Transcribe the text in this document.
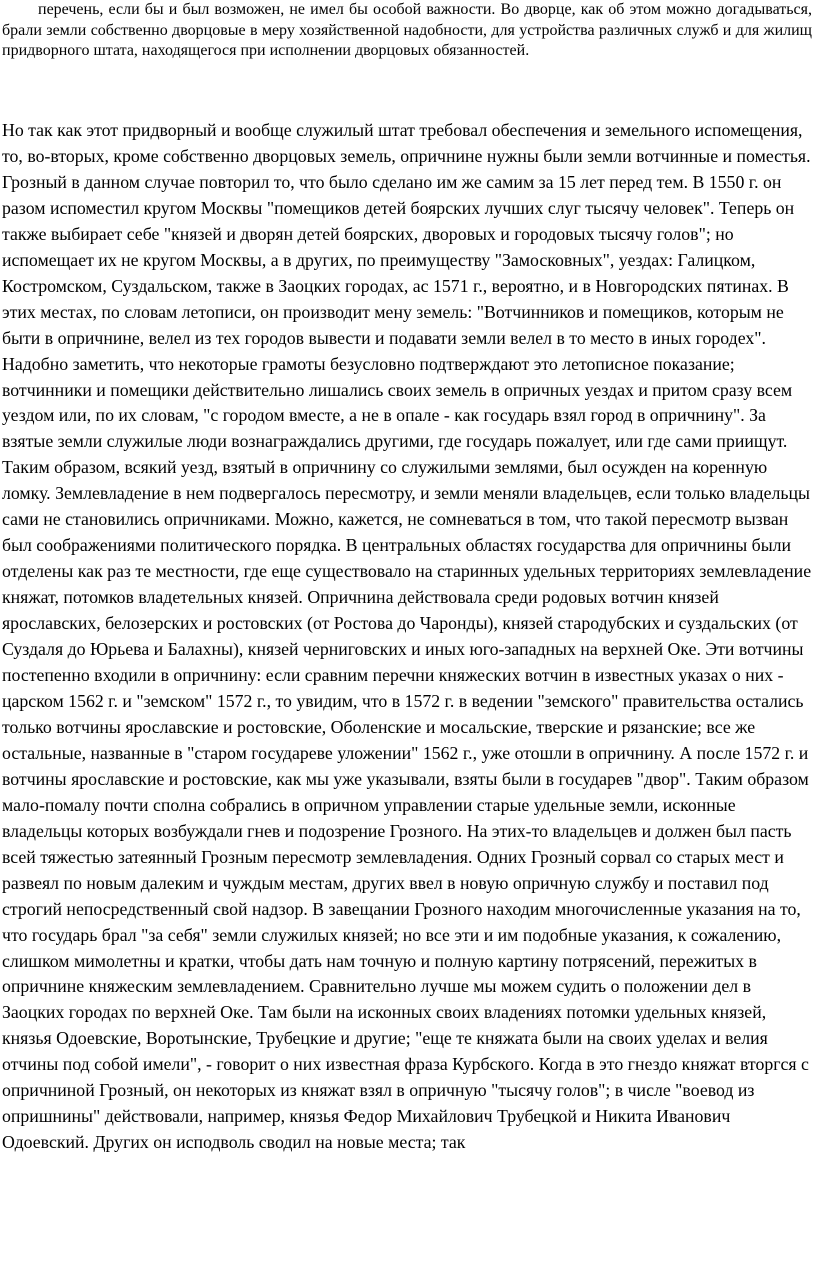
перечень, если бы и был возможен, не имел бы особой важности. Во дворце, как об этом можно догадываться, брали земли собственно дворцовые в меру хозяйственной надобности, для устройства различных служб и для жилищ придворного штата, находящегося при исполнении дворцовых обязанностей.

Но так как этот придворный и вообще служилый штат требовал обеспечения и земельного испомещения, то, во-вторых, кроме собственно дворцовых земель, опричнине нужны были земли вотчинные и поместья. Грозный в данном случае повторил то, что было сделано им же самим за 15 лет перед тем. В 1550 г. он разом испоместил кругом Москвы "помещиков детей боярских лучших слуг тысячу человек". Теперь он также выбирает себе "князей и дворян детей боярских, дворовых и городовых тысячу голов"; но испомещает их не кругом Москвы, а в других, по преимуществу "Замосковных", уездах: Галицком, Костромском, Суздальском, также в Заоцких городах, ас 1571 г., вероятно, и в Новгородских пятинах. В этих местах, по словам летописи, он производит мену земель: "Вотчинников и помещиков, которым не быти в опричнине, велел из тех городов вывести и подавати земли велел в то место в иных городех". Надобно заметить, что некоторые грамоты безусловно подтверждают это летописное показание; вотчинники и помещики действительно лишались своих земель в опричных уездах и притом сразу всем уездом или, по их словам, "с городом вместе, а не в опале - как государь взял город в опричнину". За взятые земли служилые люди вознаграждались другими, где государь пожалует, или где сами приищут. Таким образом, всякий уезд, взятый в опричнину со служилыми землями, был осужден на коренную ломку. Землевладение в нем подвергалось пересмотру, и земли меняли владельцев, если только владельцы сами не становились опричниками. Можно, кажется, не сомневаться в том, что такой пересмотр вызван был соображениями политического порядка. В центральных областях государства для опричнины были отделены как раз те местности, где еще существовало на старинных удельных территориях землевладение княжат, потомков владетельных князей. Опричнина действовала среди родовых вотчин князей ярославских, белозерских и ростовских (от Ростова до Чаронды), князей стародубских и суздальских (от Суздаля до Юрьева и Балахны), князей черниговских и иных юго-западных на верхней Оке. Эти вотчины постепенно входили в опричнину: если сравним перечни княжеских вотчин в известных указах о них - царском 1562 г. и "земском" 1572 г., то увидим, что в 1572 г. в ведении "земского" правительства остались только вотчины ярославские и ростовские, Оболенские и мосальские, тверские и рязанские; все же остальные, названные в "старом государеве уложении" 1562 г., уже отошли в опричнину. А после 1572 г. и вотчины ярославские и ростовские, как мы уже указывали, взяты были в государев "двор". Таким образом мало-помалу почти сполна собрались в опричном управлении старые удельные земли, исконные владельцы которых возбуждали гнев и подозрение Грозного. На этих-то владельцев и должен был пасть всей тяжестью затеянный Грозным пересмотр землевладения. Одних Грозный сорвал со старых мест и развеял по новым далеким и чуждым местам, других ввел в новую опричную службу и поставил под строгий непосредственный свой надзор. В завещании Грозного находим многочисленные указания на то, что государь брал "за себя" земли служилых князей; но все эти и им подобные указания, к сожалению, слишком мимолетны и кратки, чтобы дать нам точную и полную картину потрясений, пережитых в опричнине княжеским землевладением. Сравнительно лучше мы можем судить о положении дел в Заоцких городах по верхней Оке. Там были на исконных своих владениях потомки удельных князей, князья Одоевские, Воротынские, Трубецкие и другие; "еще те княжата были на своих уделах и велия отчины под собой имели", - говорит о них известная фраза Курбского. Когда в это гнездо княжат вторгся с опричниной Грозный, он некоторых из княжат взял в опричную "тысячу голов"; в числе "воевод из опришнины" действовали, например, князья Федор Михайлович Трубецкой и Никита Иванович Одоевский. Других он исподволь сводил на новые места; так
